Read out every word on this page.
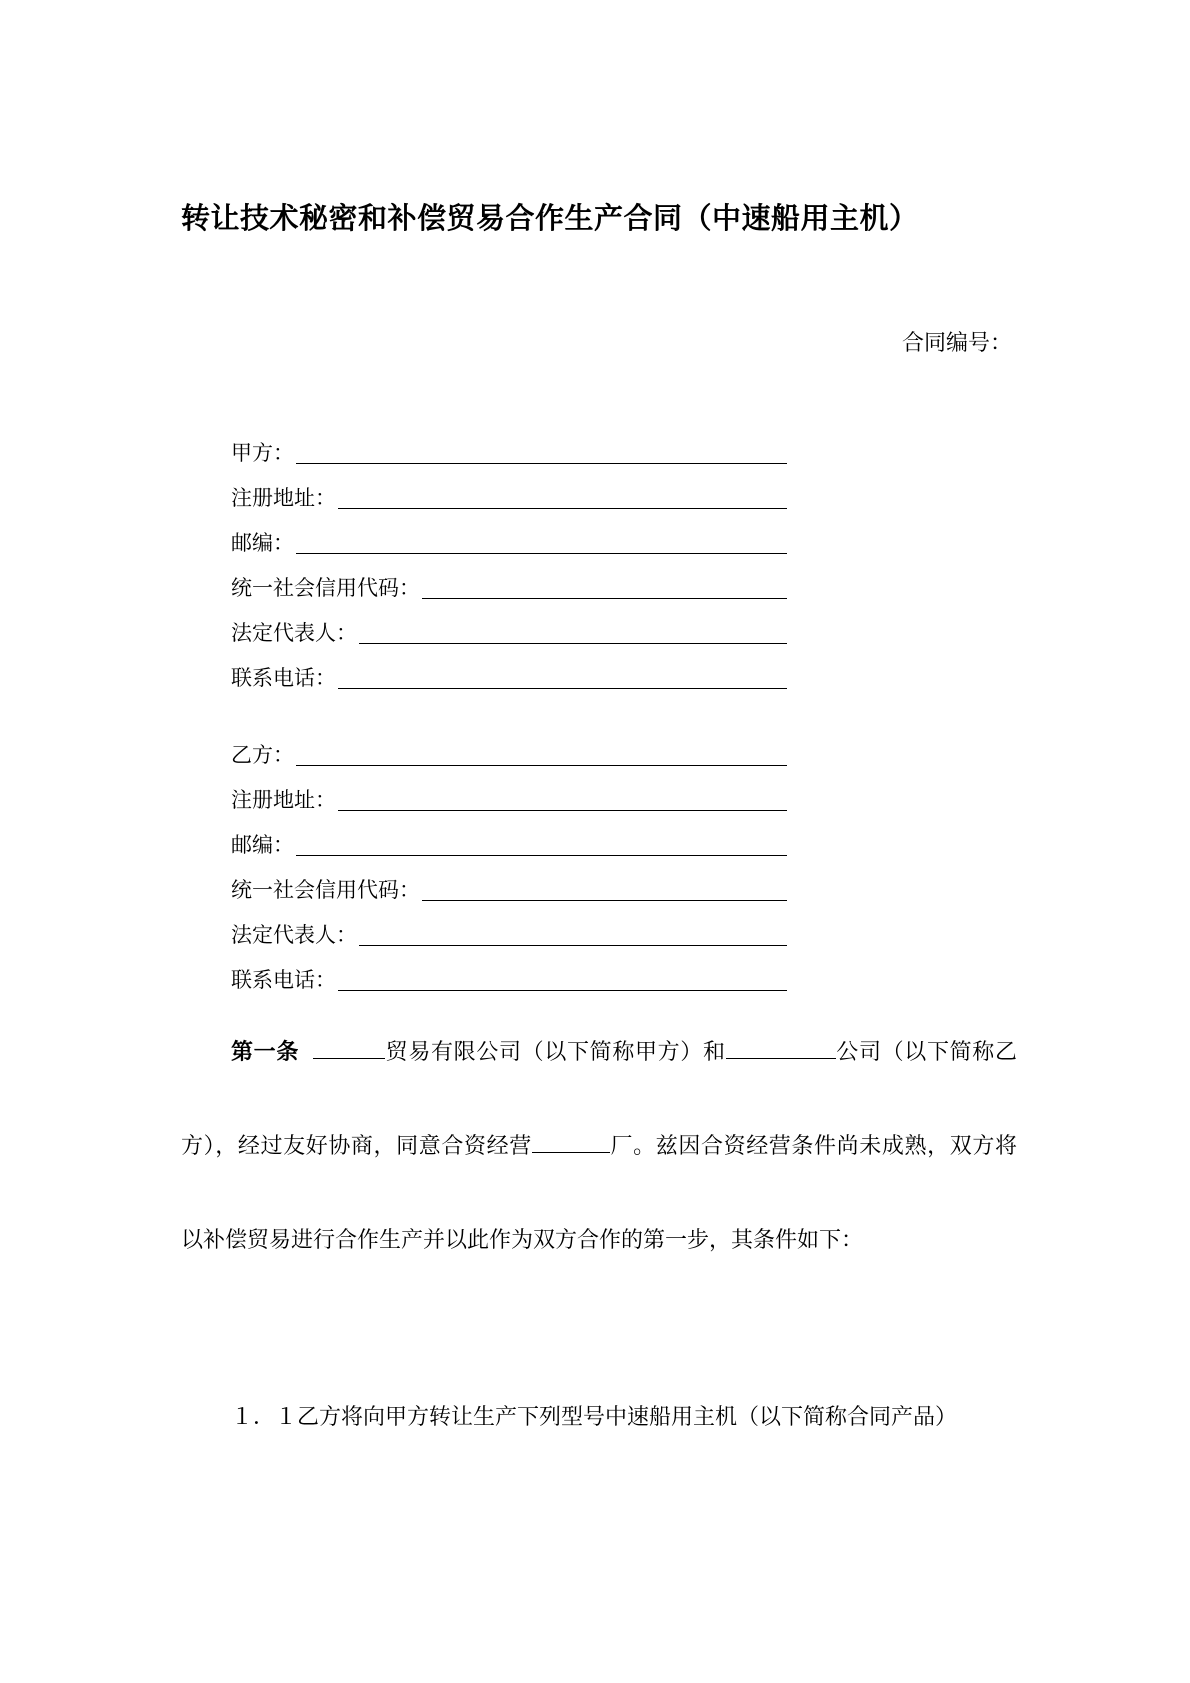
转让技术秘密和补偿贸易合作生产合同（中速船用主机）
合同编号：
甲方：
注册地址：
邮编：
统一社会信用代码：
法定代表人：
联系电话：
乙方：
注册地址：
邮编：
统一社会信用代码：
法定代表人：
联系电话：
第一条	贸易有限公司（以下简称甲方）和	公司（以下简称乙方），经过友好协商，同意合资经营	厂。兹因合资经营条件尚未成熟，双方将以补偿贸易进行合作生产并以此作为双方合作的第一步，其条件如下：
１．１乙方将向甲方转让生产下列型号中速船用主机（以下简称合同产品）
